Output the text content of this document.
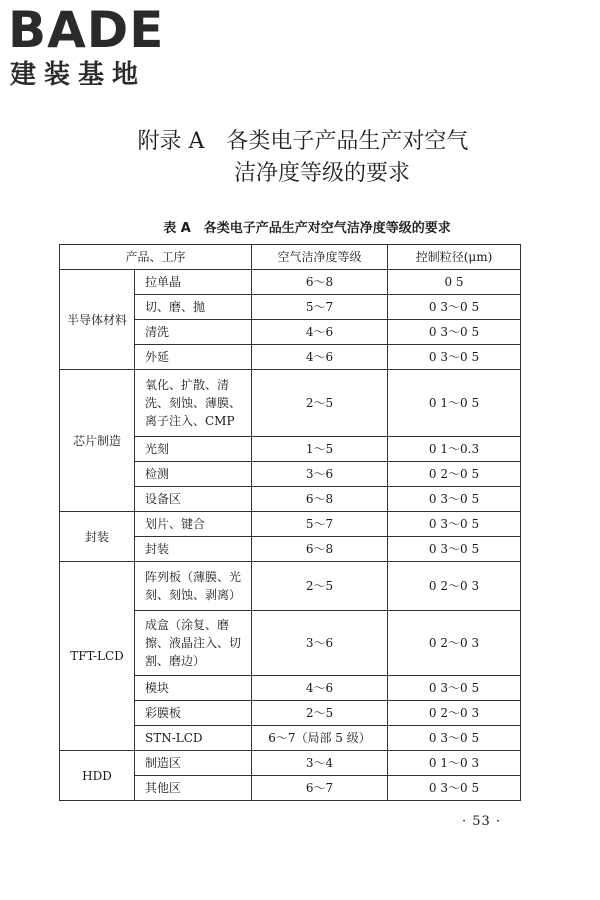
BADE
建装基地
附录 A　各类电子产品生产对空气
洁净度等级的要求
表 A　各类电子产品生产对空气洁净度等级的要求
产品、工序		空气洁净度等级	控制粒径(μm)
半导体材料	拉单晶	6～8	0 5
	切、磨、抛	5～7	0 3～0 5
	清洗	4～6	0 3～0 5
	外延	4～6	0 3～0 5
芯片制造	氧化、扩散、清洗、刻蚀、薄膜、离子注入、CMP	2～5	0 1～0 5
	光刻	1～5	0 1～0.3
	检测	3～6	0 2～0 5
	设备区	6～8	0 3～0 5
封装	划片、键合	5～7	0 3～0 5
	封装	6～8	0 3～0 5
TFT-LCD	阵列板（薄膜、光刻、刻蚀、剥离）	2～5	0 2～0 3
	成盒（涂复、磨擦、液晶注入、切割、磨边）	3～6	0 2～0 3
	模块	4～6	0 3～0 5
	彩膜板	2～5	0 2～0 3
	STN-LCD	6～7（局部 5 级）	0 3～0 5
HDD	制造区	3～4	0 1～0 3
	其他区	6～7	0 3～0 5
· 53 ·
